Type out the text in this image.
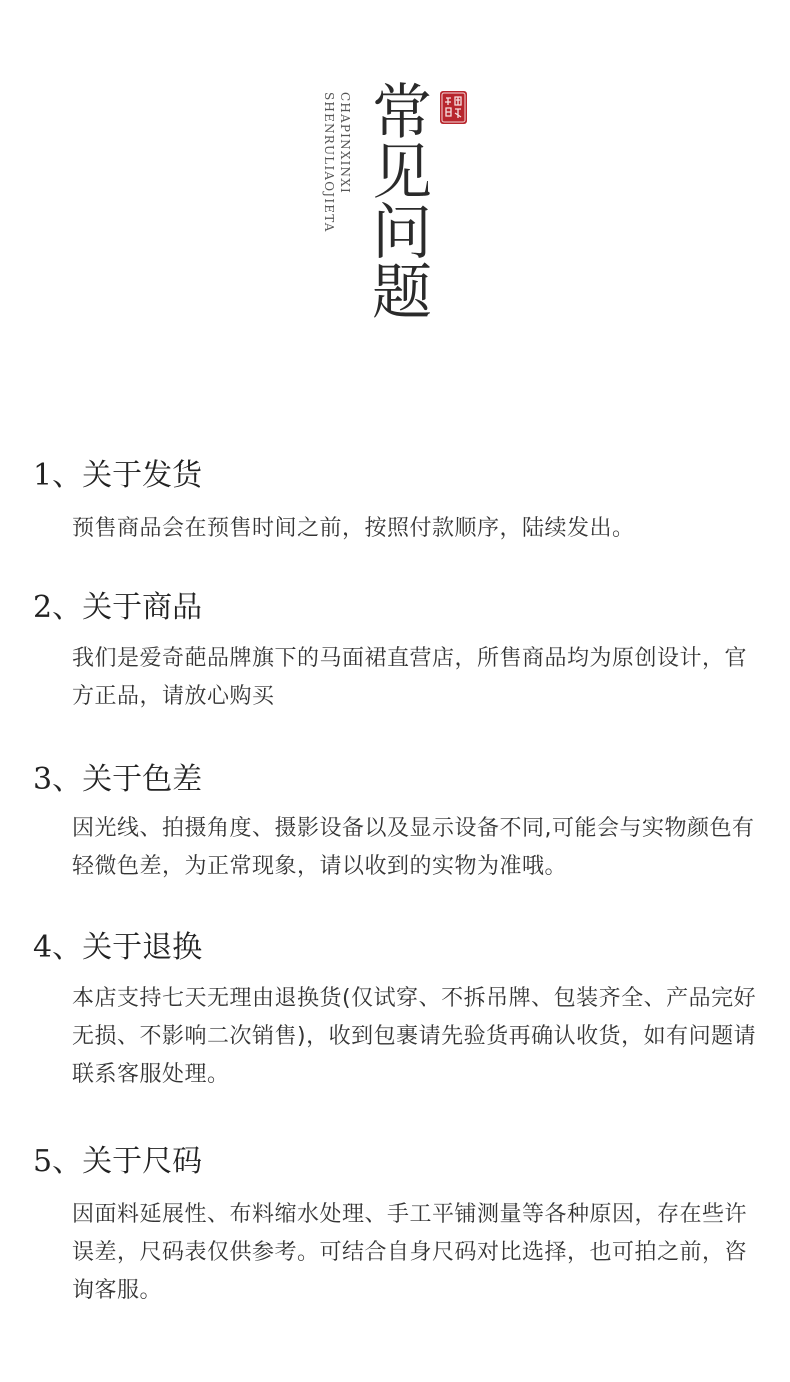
CHAPINXINXI
SHENRULIAOJIETA 常见问题
1、关于发货

预售商品会在预售时间之前，按照付款顺序，陆续发出。

2、关于商品

我们是爱奇葩品牌旗下的马面裙直营店，所售商品均为原创设计，官方正品，请放心购买

3、关于色差

因光线、拍摄角度、摄影设备以及显示设备不同,可能会与实物颜色有轻微色差，为正常现象，请以收到的实物为准哦。

4、关于退换

本店支持七天无理由退换货(仅试穿、不拆吊牌、包装齐全、产品完好无损、不影响二次销售)，收到包裹请先验货再确认收货，如有问题请联系客服处理。

5、关于尺码

因面料延展性、布料缩水处理、手工平铺测量等各种原因，存在些许误差，尺码表仅供参考。可结合自身尺码对比选择，也可拍之前，咨询客服。
